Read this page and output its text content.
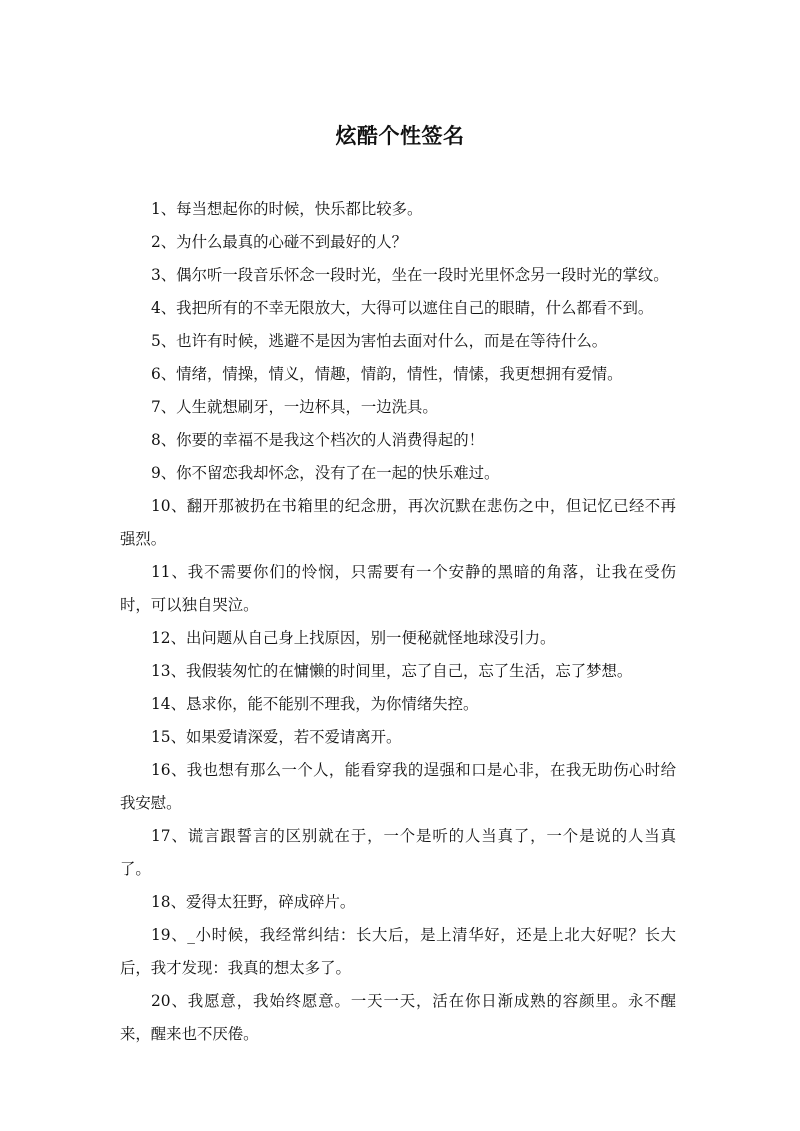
炫酷个性签名

1、每当想起你的时候，快乐都比较多。

2、为什么最真的心碰不到最好的人？

3、偶尔听一段音乐怀念一段时光，坐在一段时光里怀念另一段时光的掌纹。

4、我把所有的不幸无限放大，大得可以遮住自己的眼睛，什么都看不到。

5、也许有时候，逃避不是因为害怕去面对什么，而是在等待什么。

6、情绪，情操，情义，情趣，情韵，情性，情愫，我更想拥有爱情。

7、人生就想刷牙，一边杯具，一边洗具。

8、你要的幸福不是我这个档次的人消费得起的！

9、你不留恋我却怀念，没有了在一起的快乐难过。

10、翻开那被扔在书箱里的纪念册，再次沉默在悲伤之中，但记忆已经不再强烈。

11、我不需要你们的怜悯，只需要有一个安静的黑暗的角落，让我在受伤时，可以独自哭泣。

12、出问题从自己身上找原因，别一便秘就怪地球没引力。

13、我假装匆忙的在慵懒的时间里，忘了自己，忘了生活，忘了梦想。

14、恳求你，能不能别不理我，为你情绪失控。

15、如果爱请深爱，若不爱请离开。

16、我也想有那么一个人，能看穿我的逞强和口是心非，在我无助伤心时给我安慰。

17、谎言跟誓言的区别就在于，一个是听的人当真了，一个是说的人当真了。

18、爱得太狂野，碎成碎片。

19、_小时候，我经常纠结：长大后，是上清华好，还是上北大好呢？长大后，我才发现：我真的想太多了。

20、我愿意，我始终愿意。一天一天，活在你日渐成熟的容颜里。永不醒来，醒来也不厌倦。
